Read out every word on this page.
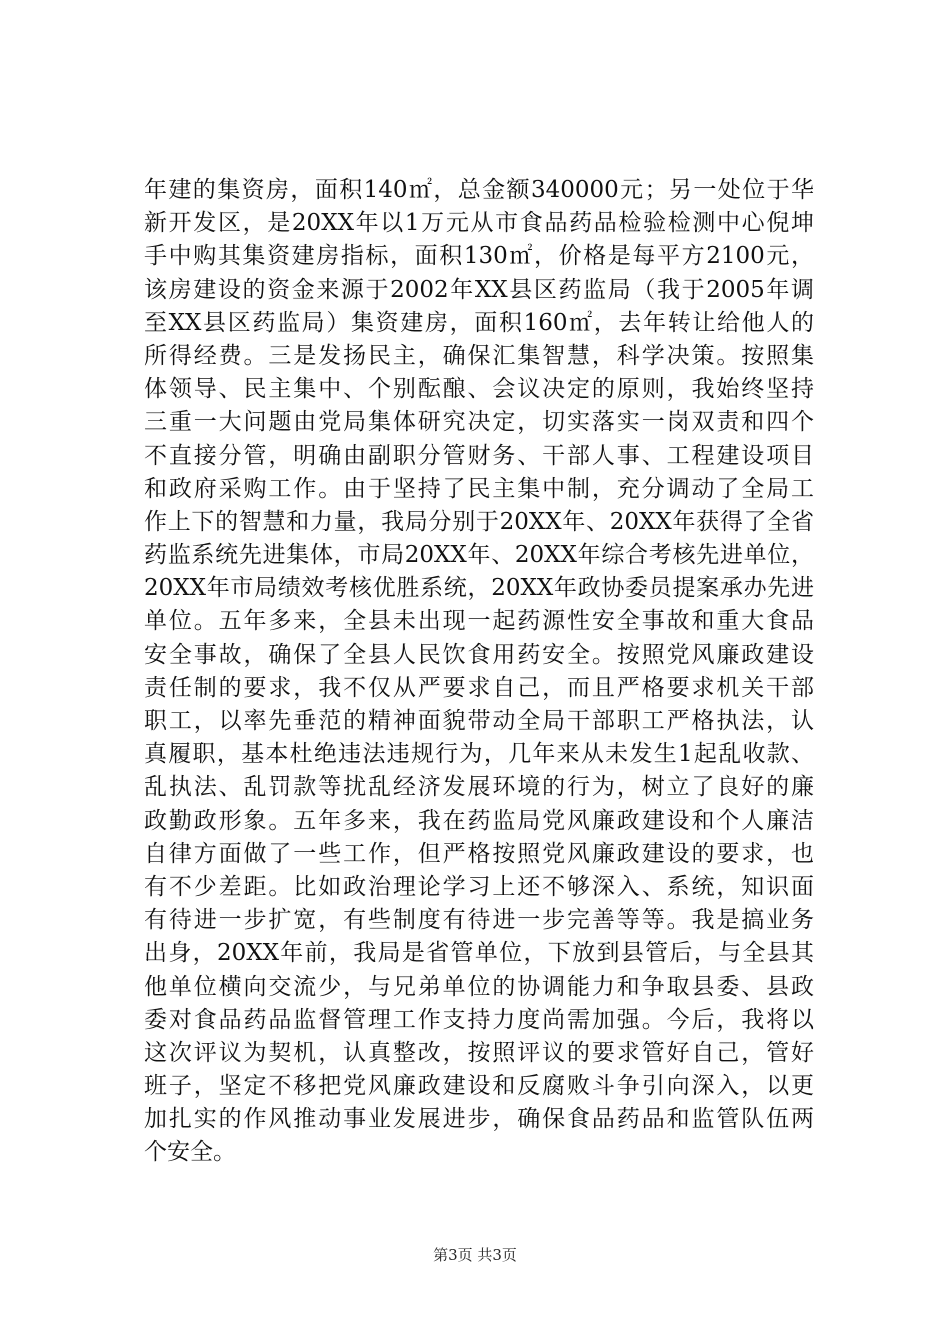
年建的集资房，面积140㎡，总金额340000元；另一处位于华
新开发区，是20XX年以1万元从市食品药品检验检测中心倪坤
手中购其集资建房指标，面积130㎡，价格是每平方2100元，
该房建设的资金来源于2002年XX县区药监局（我于2005年调
至XX县区药监局）集资建房，面积160㎡，去年转让给他人的
所得经费。三是发扬民主，确保汇集智慧，科学决策。按照集
体领导、民主集中、个别酝酿、会议决定的原则，我始终坚持
三重一大问题由党局集体研究决定，切实落实一岗双责和四个
不直接分管，明确由副职分管财务、干部人事、工程建设项目
和政府采购工作。由于坚持了民主集中制，充分调动了全局工
作上下的智慧和力量，我局分别于20XX年、20XX年获得了全省
药监系统先进集体，市局20XX年、20XX年综合考核先进单位，
20XX年市局绩效考核优胜系统，20XX年政协委员提案承办先进
单位。五年多来，全县未出现一起药源性安全事故和重大食品
安全事故，确保了全县人民饮食用药安全。按照党风廉政建设
责任制的要求，我不仅从严要求自己，而且严格要求机关干部
职工，以率先垂范的精神面貌带动全局干部职工严格执法，认
真履职，基本杜绝违法违规行为，几年来从未发生1起乱收款、
乱执法、乱罚款等扰乱经济发展环境的行为，树立了良好的廉
政勤政形象。五年多来，我在药监局党风廉政建设和个人廉洁
自律方面做了一些工作，但严格按照党风廉政建设的要求，也
有不少差距。比如政治理论学习上还不够深入、系统，知识面
有待进一步扩宽，有些制度有待进一步完善等等。我是搞业务
出身，20XX年前，我局是省管单位，下放到县管后，与全县其
他单位横向交流少，与兄弟单位的协调能力和争取县委、县政
委对食品药品监督管理工作支持力度尚需加强。今后，我将以
这次评议为契机，认真整改，按照评议的要求管好自己，管好
班子，坚定不移把党风廉政建设和反腐败斗争引向深入，以更
加扎实的作风推动事业发展进步，确保食品药品和监管队伍两
个安全。
第3页 共3页
